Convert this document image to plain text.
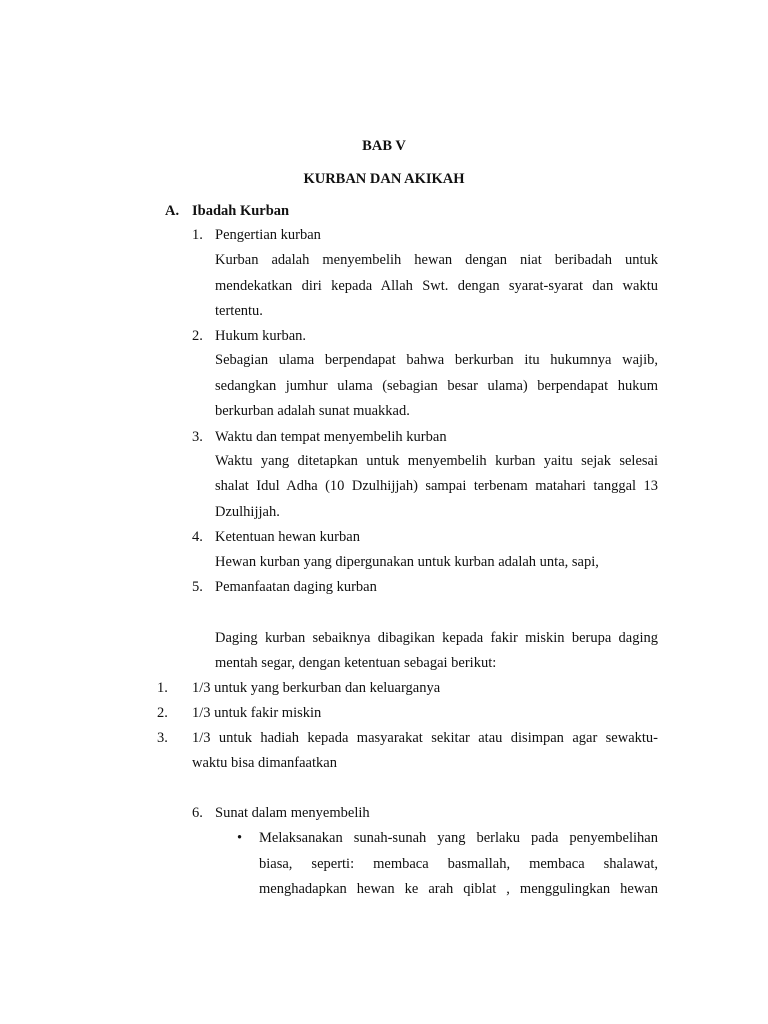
BAB V
KURBAN DAN AKIKAH
A. Ibadah Kurban
1. Pengertian kurban
Kurban adalah menyembelih hewan dengan niat beribadah untuk
mendekatkan diri kepada Allah Swt. dengan syarat-syarat dan waktu
tertentu.
2. Hukum kurban.
Sebagian ulama berpendapat bahwa berkurban itu hukumnya wajib,
sedangkan jumhur ulama (sebagian besar ulama) berpendapat hukum
berkurban adalah sunat muakkad.
3. Waktu dan tempat menyembelih kurban
Waktu yang ditetapkan untuk menyembelih kurban yaitu sejak selesai
shalat Idul Adha (10 Dzulhijjah) sampai terbenam matahari tanggal 13
Dzulhijjah.
4. Ketentuan hewan kurban
Hewan kurban yang dipergunakan untuk kurban adalah unta, sapi,
5. Pemanfaatan daging kurban
Daging kurban sebaiknya dibagikan kepada fakir miskin berupa daging
mentah segar, dengan ketentuan sebagai berikut:
1. 1/3 untuk yang berkurban dan keluarganya
2. 1/3 untuk fakir miskin
3. 1/3 untuk hadiah kepada masyarakat sekitar atau disimpan agar sewaktu-
waktu bisa dimanfaatkan
6. Sunat dalam menyembelih
• Melaksanakan sunah-sunah yang berlaku pada penyembelihan
biasa, seperti: membaca basmallah, membaca shalawat,
menghadapkan hewan ke arah qiblat , menggulingkan hewan
